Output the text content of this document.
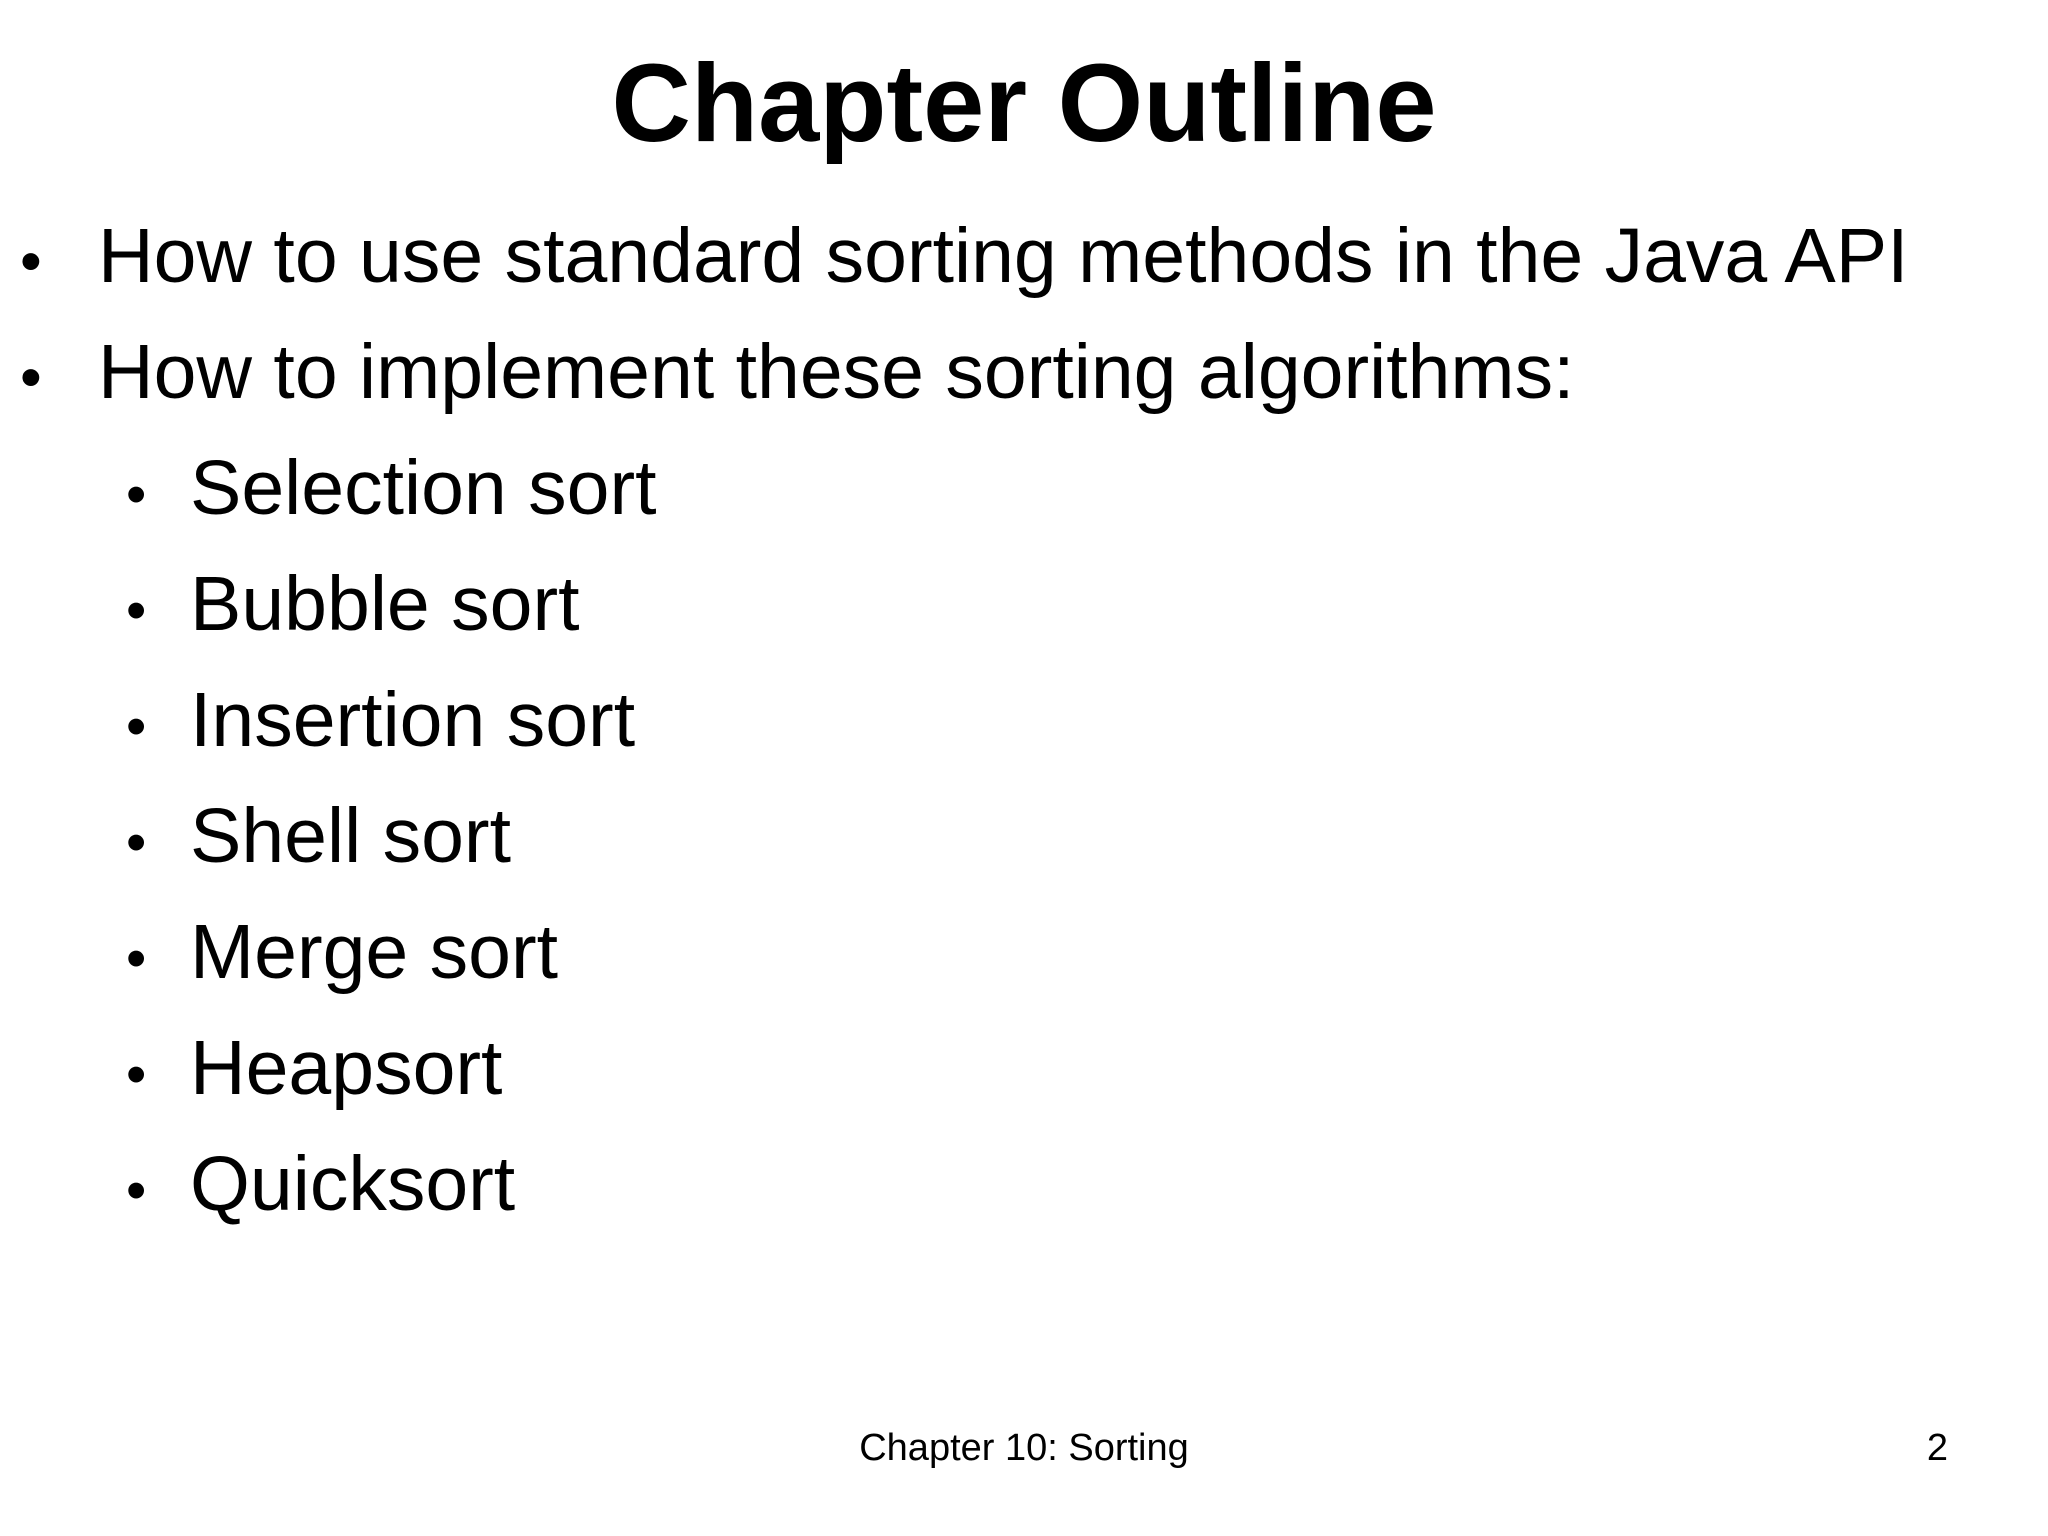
Chapter Outline
• How to use standard sorting methods in the Java API
• How to implement these sorting algorithms:
• Selection sort
• Bubble sort
• Insertion sort
• Shell sort
• Merge sort
• Heapsort
• Quicksort
Chapter 10: Sorting	2
